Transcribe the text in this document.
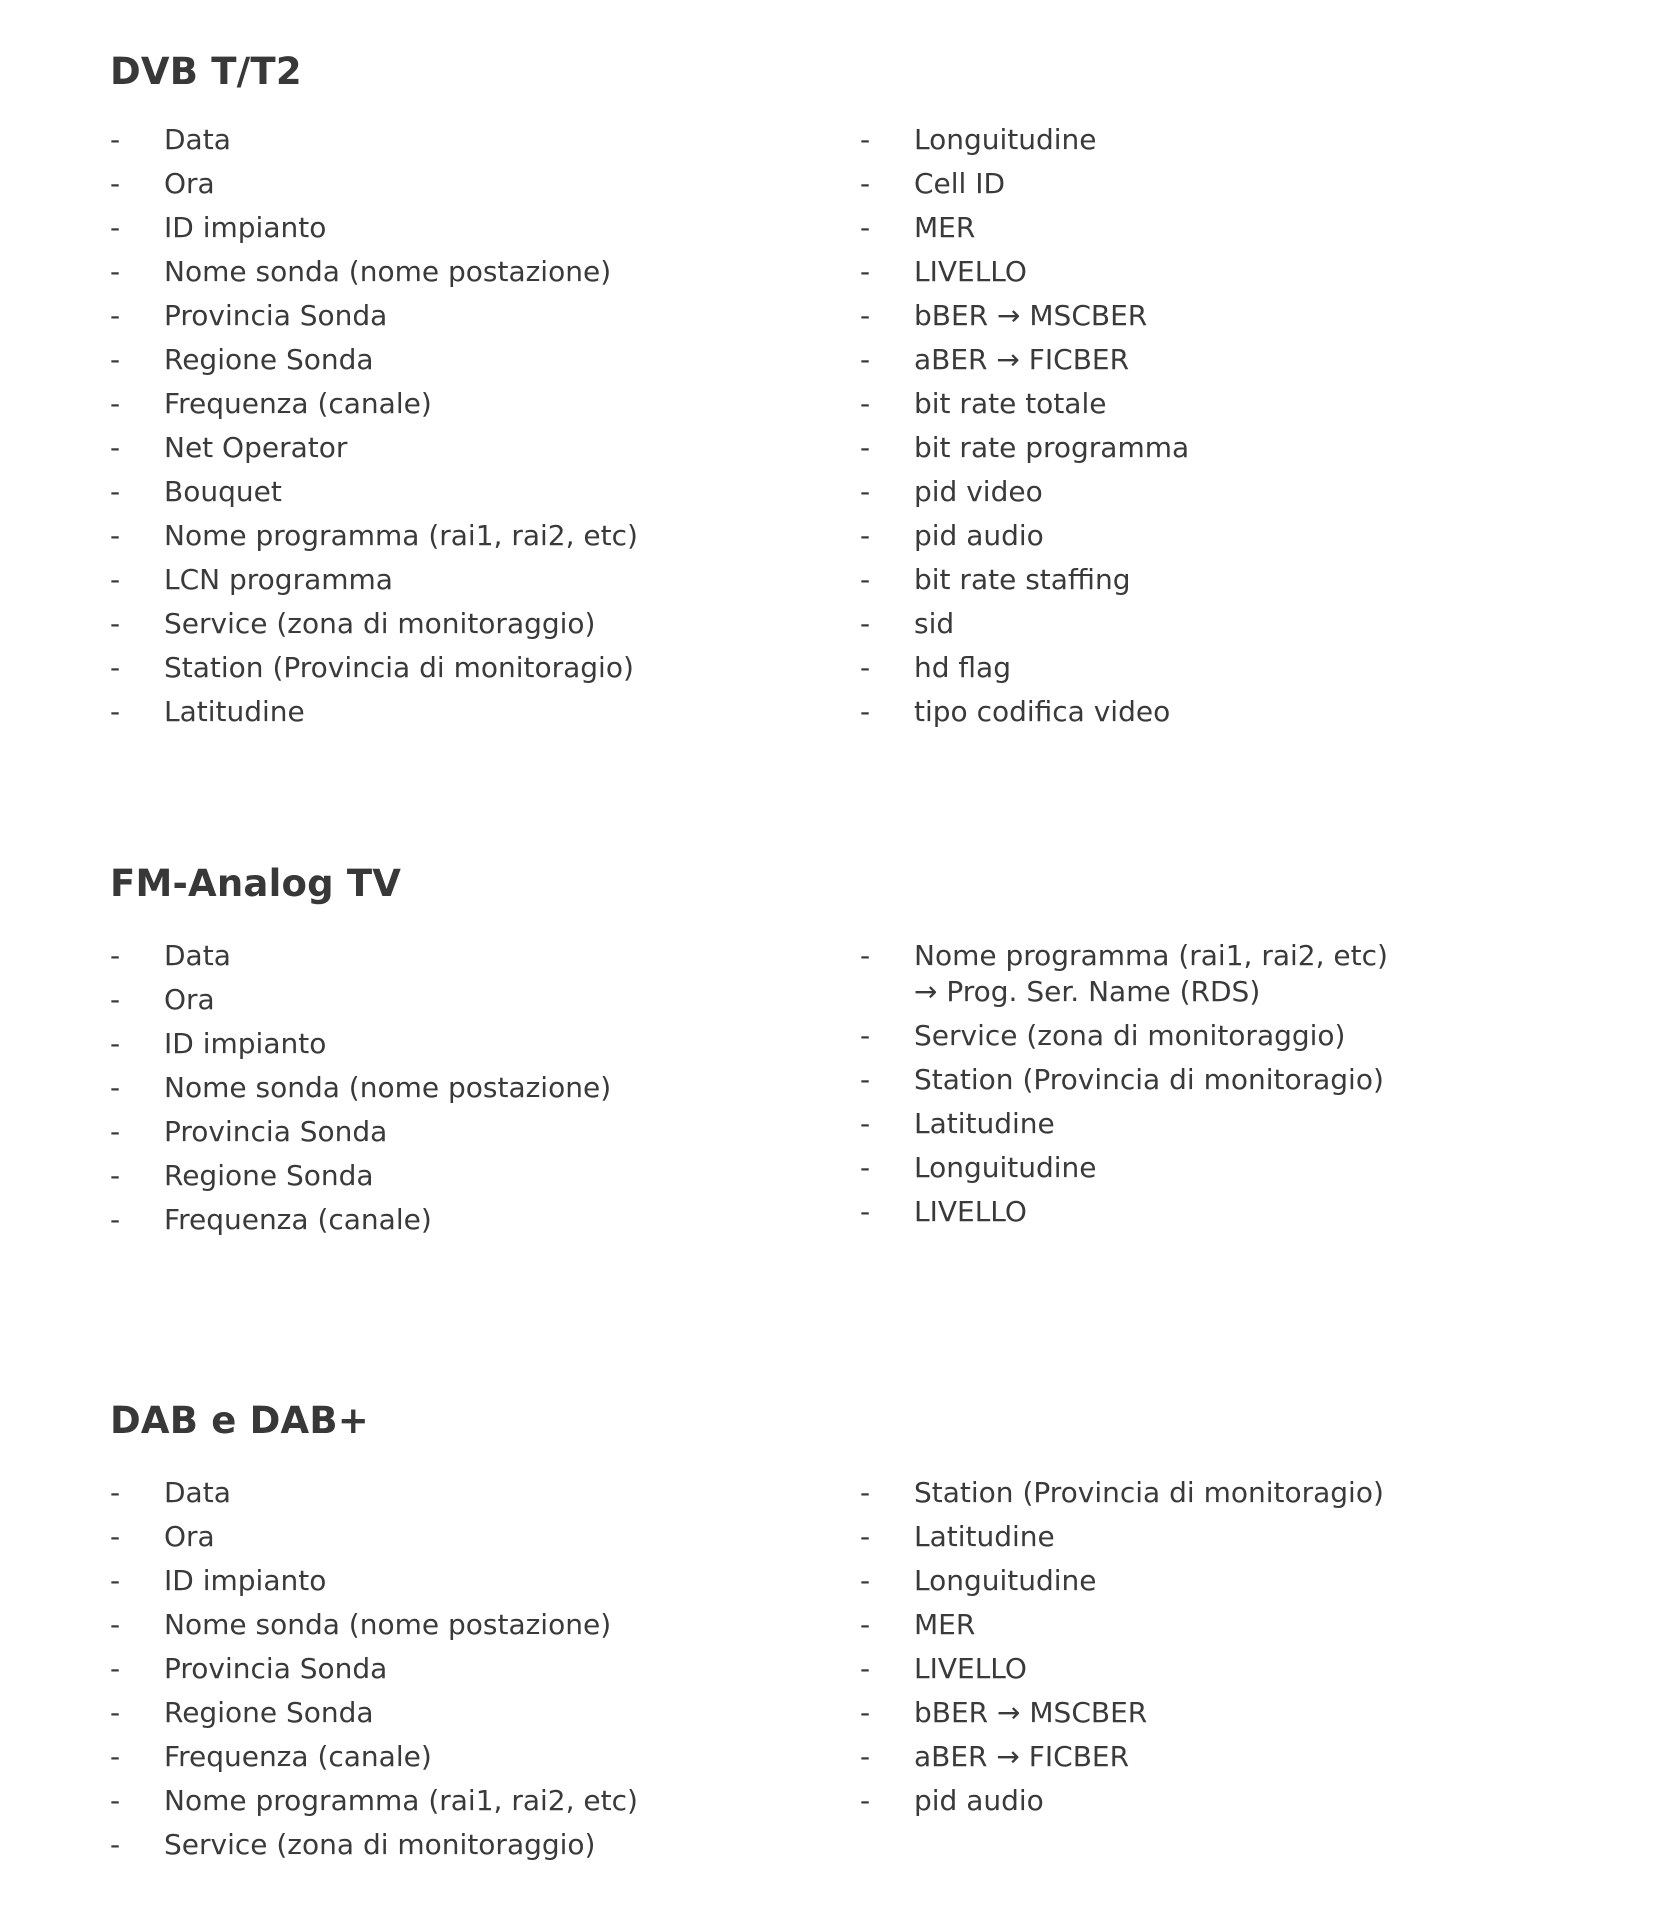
DVB T/T2
- Data
- Ora
- ID impianto
- Nome sonda (nome postazione)
- Provincia Sonda
- Regione Sonda
- Frequenza (canale)
- Net Operator
- Bouquet
- Nome programma (rai1, rai2, etc)
- LCN programma
- Service (zona di monitoraggio)
- Station (Provincia di monitoragio)
- Latitudine
- Longuitudine
- Cell ID
- MER
- LIVELLO
- bBER → MSCBER
- aBER → FICBER
- bit rate totale
- bit rate programma
- pid video
- pid audio
- bit rate staffing
- sid
- hd flag
- tipo codifica video
FM-Analog TV
- Data
- Ora
- ID impianto
- Nome sonda (nome postazione)
- Provincia Sonda
- Regione Sonda
- Frequenza (canale)
- Nome programma (rai1, rai2, etc)
→ Prog. Ser. Name (RDS)
- Service (zona di monitoraggio)
- Station (Provincia di monitoragio)
- Latitudine
- Longuitudine
- LIVELLO
DAB e DAB+
- Data
- Ora
- ID impianto
- Nome sonda (nome postazione)
- Provincia Sonda
- Regione Sonda
- Frequenza (canale)
- Nome programma (rai1, rai2, etc)
- Service (zona di monitoraggio)
- Station (Provincia di monitoragio)
- Latitudine
- Longuitudine
- MER
- LIVELLO
- bBER → MSCBER
- aBER → FICBER
- pid audio
